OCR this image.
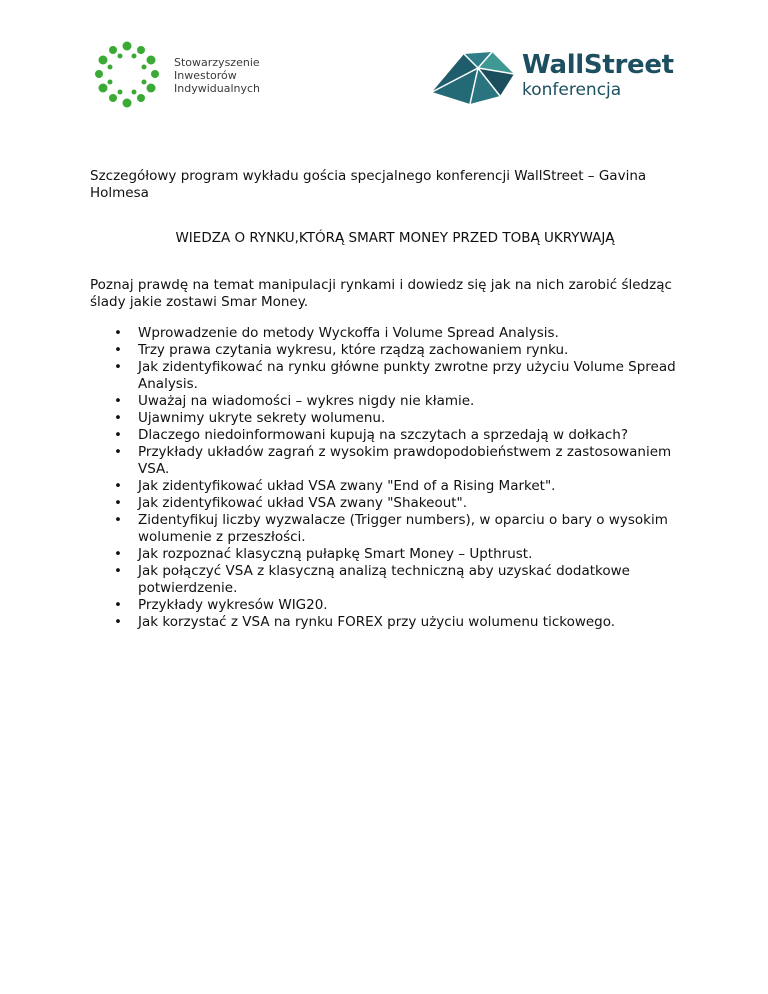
Stowarzyszenie
Inwestorów
Indywidualnych
WallStreet
konferencja

Szczegółowy program wykładu gościa specjalnego konferencji WallStreet – Gavina Holmesa

WIEDZA O RYNKU,KTÓRĄ SMART MONEY PRZED TOBĄ UKRYWAJĄ

Poznaj prawdę na temat manipulacji rynkami i dowiedz się jak na nich zarobić śledząc ślady jakie zostawi Smar Money.

• Wprowadzenie do metody Wyckoffa i Volume Spread Analysis.
• Trzy prawa czytania wykresu, które rządzą zachowaniem rynku.
• Jak zidentyfikować na rynku główne punkty zwrotne przy użyciu Volume Spread Analysis.
• Uważaj na wiadomości – wykres nigdy nie kłamie.
• Ujawnimy ukryte sekrety wolumenu.
• Dlaczego niedoinformowani kupują na szczytach a sprzedają w dołkach?
• Przykłady układów zagrań z wysokim prawdopodobieństwem z zastosowaniem VSA.
• Jak zidentyfikować układ VSA zwany "End of a Rising Market".
• Jak zidentyfikować układ VSA zwany "Shakeout".
• Zidentyfikuj liczby wyzwalacze (Trigger numbers), w oparciu o bary o wysokim wolumenie z przeszłości.
• Jak rozpoznać klasyczną pułapkę Smart Money – Upthrust.
• Jak połączyć VSA z klasyczną analizą techniczną aby uzyskać dodatkowe potwierdzenie.
• Przykłady wykresów WIG20.
• Jak korzystać z VSA na rynku FOREX przy użyciu wolumenu tickowego.
